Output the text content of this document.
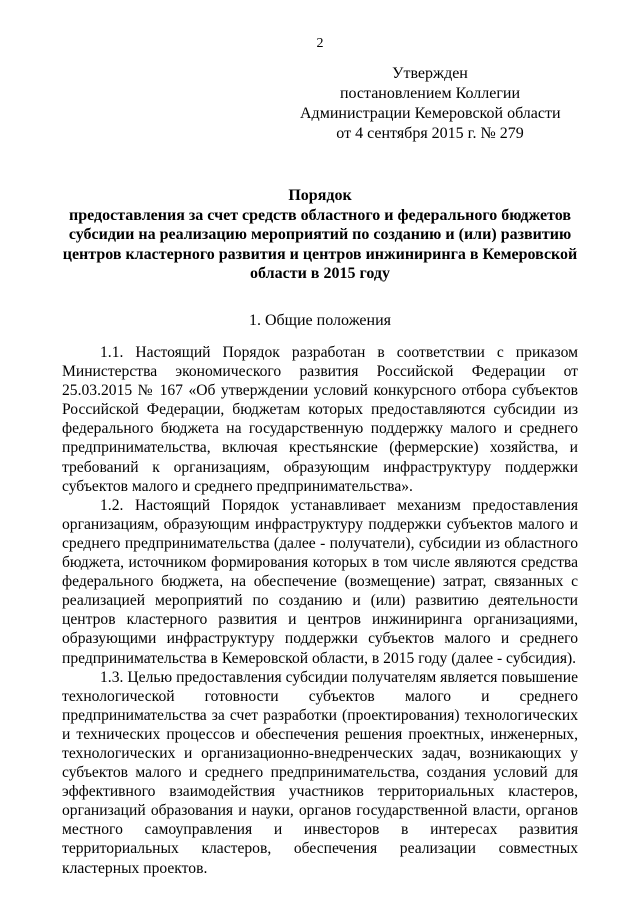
2
Утвержден
постановлением Коллегии
Администрации Кемеровской области
от 4 сентября 2015 г. № 279
Порядок
предоставления за счет средств областного и федерального бюджетов
субсидии на реализацию мероприятий по созданию и (или) развитию
центров кластерного развития и центров инжиниринга в Кемеровской
области в 2015 году
1. Общие положения

1.1. Настоящий Порядок разработан в соответствии с приказом Министерства экономического развития Российской Федерации от 25.03.2015 № 167 «Об утверждении условий конкурсного отбора субъектов Российской Федерации, бюджетам которых предоставляются субсидии из федерального бюджета на государственную поддержку малого и среднего предпринимательства, включая крестьянские (фермерские) хозяйства, и требований к организациям, образующим инфраструктуру поддержки субъектов малого и среднего предпринимательства».

1.2. Настоящий Порядок устанавливает механизм предоставления организациям, образующим инфраструктуру поддержки субъектов малого и среднего предпринимательства (далее - получатели), субсидии из областного бюджета, источником формирования которых в том числе являются средства федерального бюджета, на обеспечение (возмещение) затрат, связанных с реализацией мероприятий по созданию и (или) развитию деятельности центров кластерного развития и центров инжиниринга организациями, образующими инфраструктуру поддержки субъектов малого и среднего предпринимательства в Кемеровской области, в 2015 году (далее - субсидия).

1.3. Целью предоставления субсидии получателям является повышение технологической готовности субъектов малого и среднего предпринимательства за счет разработки (проектирования) технологических и технических процессов и обеспечения решения проектных, инженерных, технологических и организационно-внедренческих задач, возникающих у субъектов малого и среднего предпринимательства, создания условий для эффективного взаимодействия участников территориальных кластеров, организаций образования и науки, органов государственной власти, органов местного самоуправления и инвесторов в интересах развития территориальных кластеров, обеспечения реализации совместных кластерных проектов.
